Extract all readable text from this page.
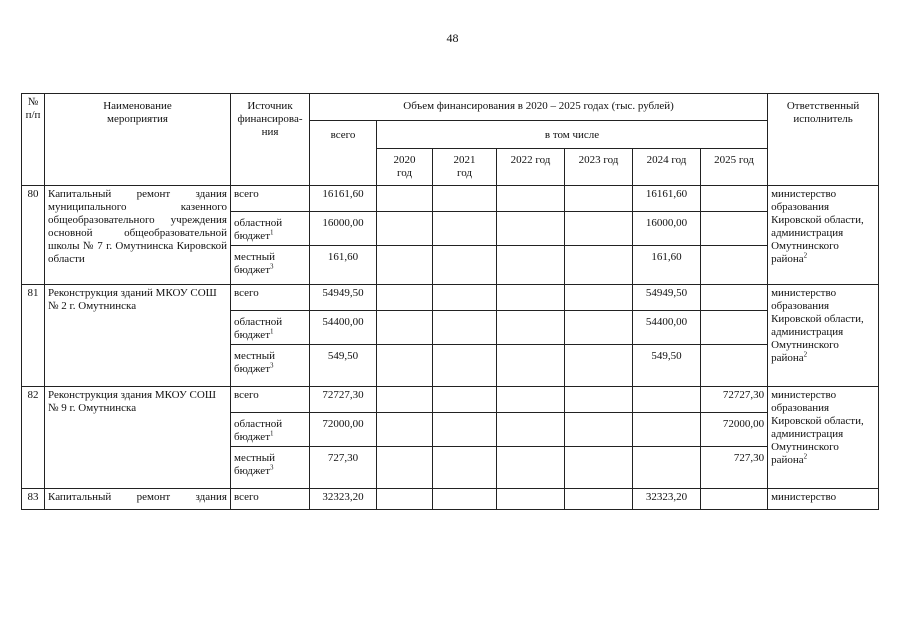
48
№ п/п	Наименование мероприятия	Источник финансирова-ния	Объем финансирования в 2020 – 2025 годах (тыс. рублей)							Ответственный исполнитель
			всего	в том числе						
				2020 год	2021 год	2022 год	2023 год	2024 год	2025 год	
80	Капитальный ремонт здания муниципального казенного общеобразовательного учреждения основной общеобразовательной школы № 7 г. Омутнинска Кировской области	всего	16161,60					16161,60		министерство образования Кировской области, администрация Омутнинского района$^2$
		областной бюджет$^1$	16000,00					16000,00		
		местный бюджет$^3$	161,60					161,60		
81	Реконструкция зданий МКОУ СОШ № 2 г. Омутнинска	всего	54949,50					54949,50		министерство образования Кировской области, администрация Омутнинского района$^2$
		областной бюджет$^1$	54400,00					54400,00		
		местный бюджет$^3$	549,50					549,50		
82	Реконструкция здания МКОУ СОШ № 9 г. Омутнинска	всего	72727,30						72727,30	министерство образования Кировской области, администрация Омутнинского района$^2$
		областной бюджет$^1$	72000,00						72000,00	
		местный бюджет$^3$	727,30						727,30	
83	Капитальный ремонт здания	всего	32323,20					32323,20		министерство
